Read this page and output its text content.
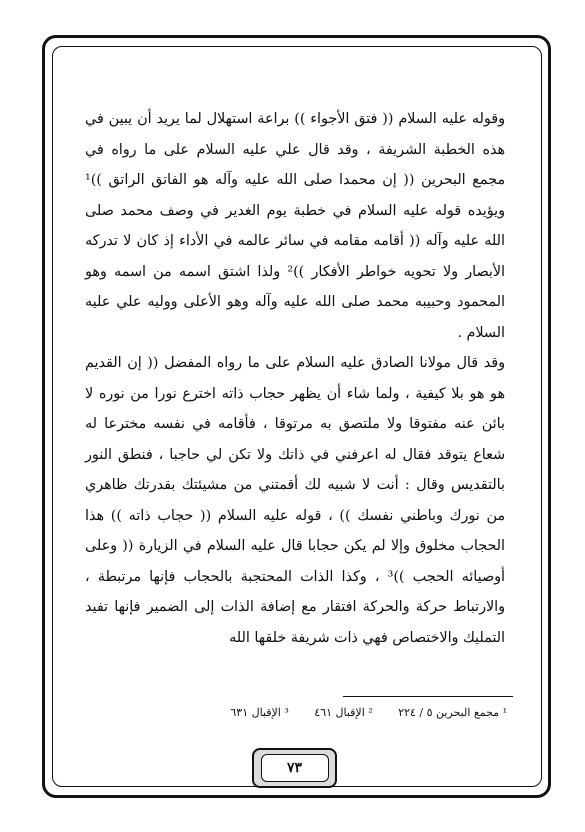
وقوله عليه السلام (( فتق الأجواء )) براعة استهلال لما يريد أن يبين في هذه الخطبة الشريفة ، وقد قال علي عليه السلام على ما رواه في مجمع البحرين (( إن محمدا صلى الله عليه وآله هو الفاتق الراتق ))¹ ويؤيده قوله عليه السلام في خطبة يوم الغدير في وصف محمد صلى الله عليه وآله (( أقامه مقامه في سائر عالمه في الأداء إذ كان لا تدركه الأبصار ولا تحويه خواطر الأفكار ))² ولذا اشتق اسمه من اسمه وهو المحمود وحبيبه محمد صلى الله عليه وآله وهو الأعلى ووليه علي عليه السلام .

وقد قال مولانا الصادق عليه السلام على ما رواه المفضل (( إن القديم هو هو بلا كيفية ، ولما شاء أن يظهر حجاب ذاته اخترع نورا من نوره لا بائن عنه مفتوقا ولا ملتصق به مرتوقا ، فأقامه في نفسه مخترعا له شعاع يتوقد فقال له اعرفني في ذاتك ولا تكن لي حاجبا ، فنطق النور بالتقديس وقال : أنت لا شبيه لك أقمتني من مشيئتك بقدرتك ظاهري من نورك وباطني نفسك )) ، قوله عليه السلام (( حجاب ذاته )) هذا الحجاب مخلوق وإلا لم يكن حجابا قال عليه السلام في الزيارة (( وعلى أوصيائه الحجب ))³ ، وكذا الذات المحتجبة بالحجاب فإنها مرتبطة ، والارتباط حركة والحركة افتقار مع إضافة الذات إلى الضمير فإنها تفيد التمليك والاختصاص فهي ذات شريفة خلقها الله

¹ مجمع البحرين ٥ / ٢٢٤ ² الإقبال ٤٦١ ³ الإقبال ٦٣١
٧٣
